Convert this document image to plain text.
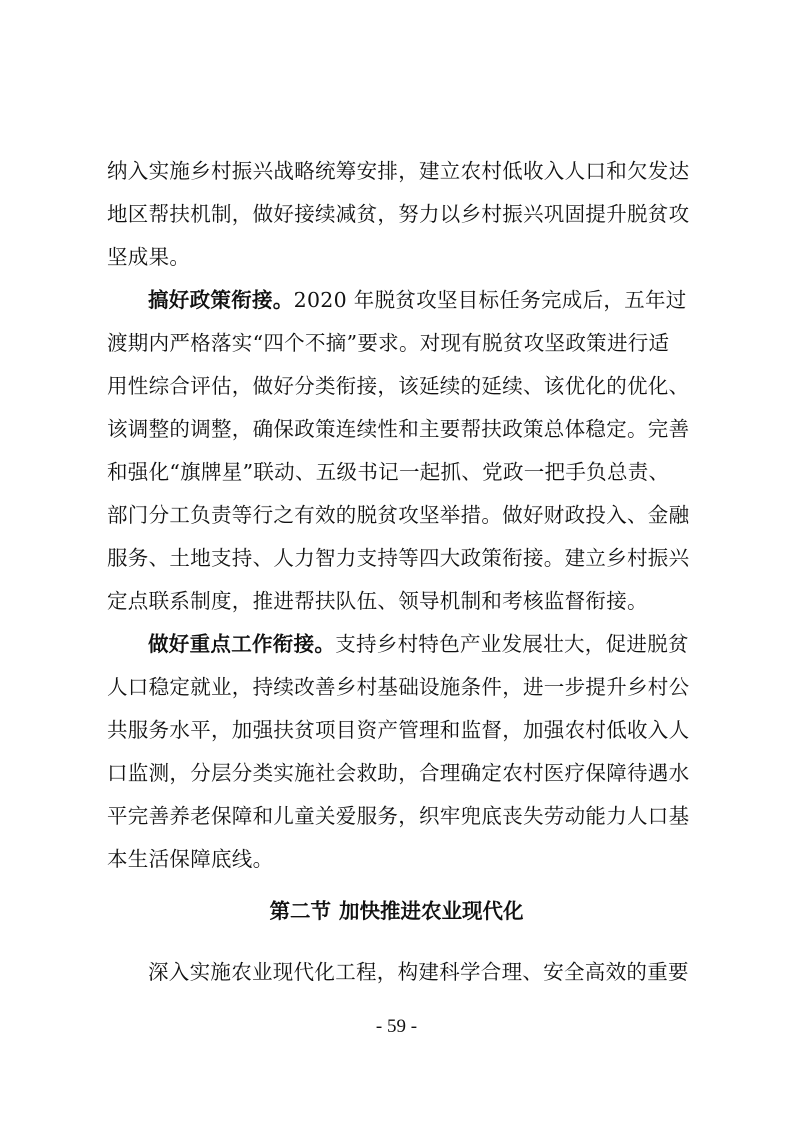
纳入实施乡村振兴战略统筹安排，建立农村低收入人口和欠发达
地区帮扶机制，做好接续减贫，努力以乡村振兴巩固提升脱贫攻
坚成果。
搞好政策衔接。2020 年脱贫攻坚目标任务完成后，五年过
渡期内严格落实“四个不摘”要求。对现有脱贫攻坚政策进行适
用性综合评估，做好分类衔接，该延续的延续、该优化的优化、
该调整的调整，确保政策连续性和主要帮扶政策总体稳定。完善
和强化“旗牌星”联动、五级书记一起抓、党政一把手负总责、
部门分工负责等行之有效的脱贫攻坚举措。做好财政投入、金融
服务、土地支持、人力智力支持等四大政策衔接。建立乡村振兴
定点联系制度，推进帮扶队伍、领导机制和考核监督衔接。
做好重点工作衔接。支持乡村特色产业发展壮大，促进脱贫
人口稳定就业，持续改善乡村基础设施条件，进一步提升乡村公
共服务水平，加强扶贫项目资产管理和监督，加强农村低收入人
口监测，分层分类实施社会救助，合理确定农村医疗保障待遇水
平完善养老保障和儿童关爱服务，织牢兜底丧失劳动能力人口基
本生活保障底线。
第二节 加快推进农业现代化
深入实施农业现代化工程，构建科学合理、安全高效的重要
- 59 -
